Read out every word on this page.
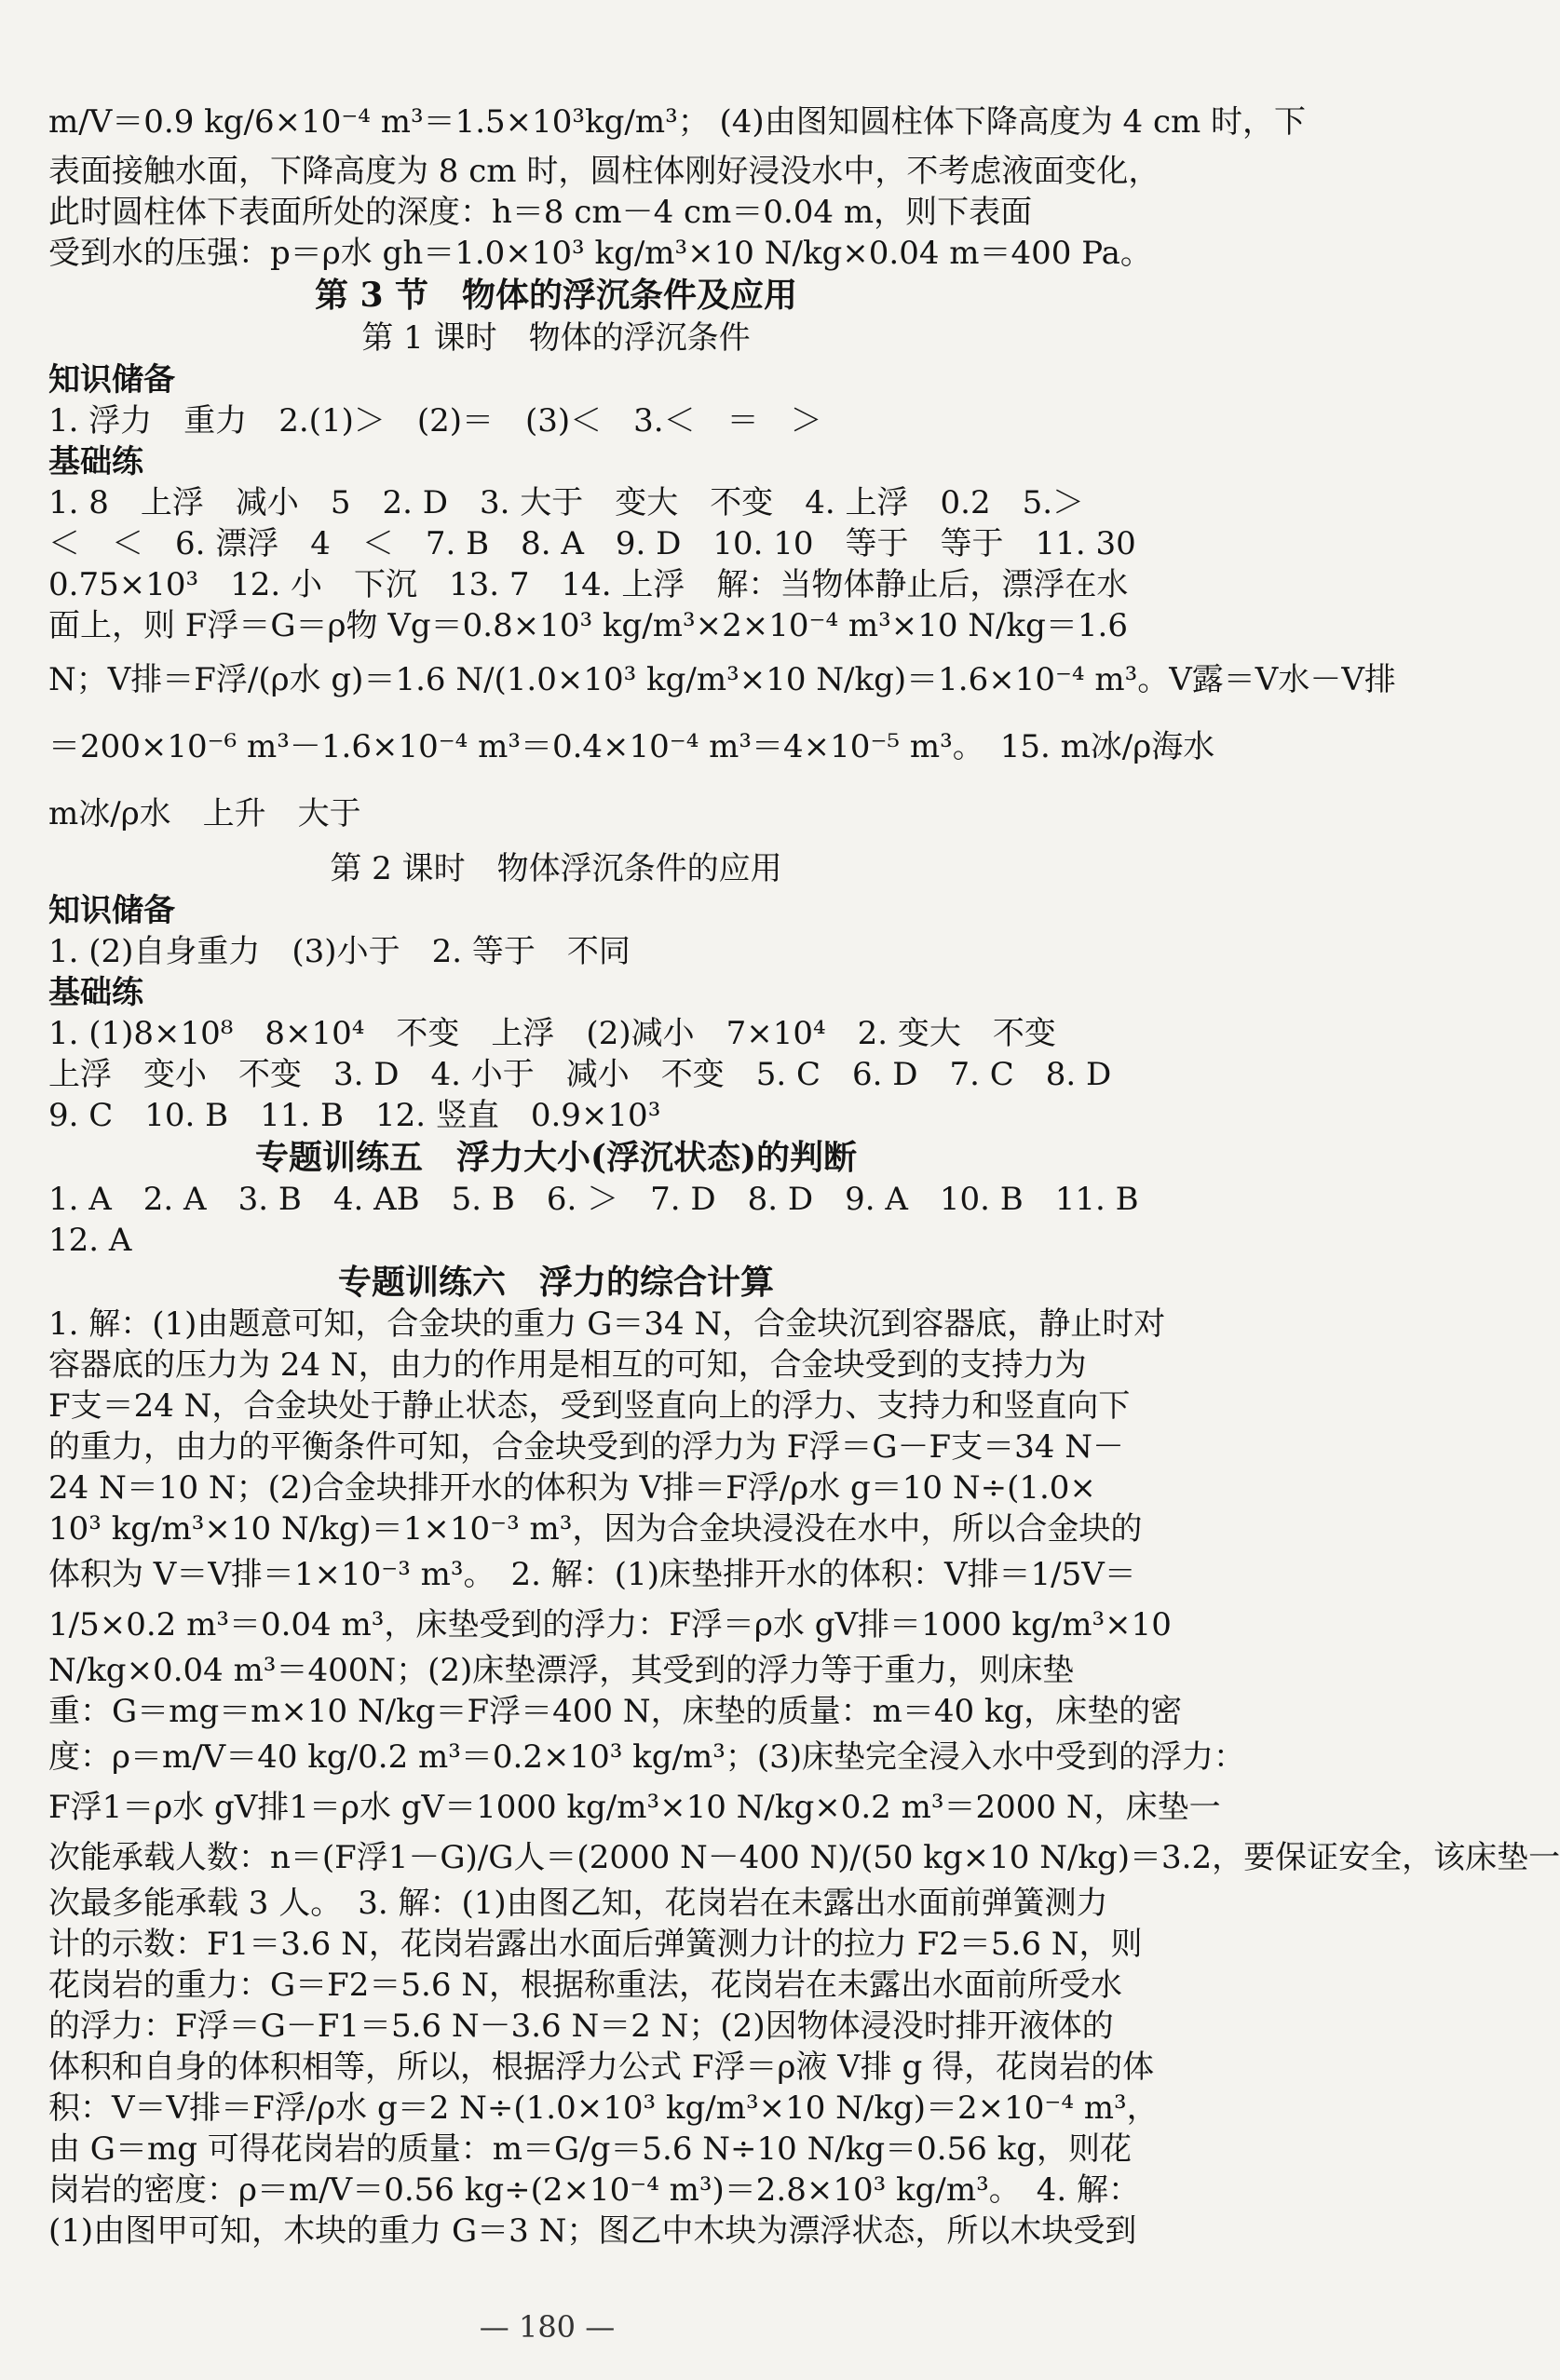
m/V＝0.9 kg/6×10⁻⁴ m³＝1.5×10³kg/m³； (4)由图知圆柱体下降高度为 4 cm 时，下

表面接触水面，下降高度为 8 cm 时，圆柱体刚好浸没水中，不考虑液面变化，

此时圆柱体下表面所处的深度：h＝8 cm－4 cm＝0.04 m，则下表面

受到水的压强：p＝ρ水 gh＝1.0×10³ kg/m³×10 N/kg×0.04 m＝400 Pa。

第 3 节　物体的浮沉条件及应用

第 1 课时　物体的浮沉条件

知识储备

1. 浮力　重力　2.(1)＞　(2)＝　(3)＜　3.＜　＝　＞

基础练

1. 8　上浮　减小　5　2. D　3. 大于　变大　不变　4. 上浮　0.2　5.＞

＜　＜　6. 漂浮　4　＜　7. B　8. A　9. D　10. 10　等于　等于　11. 30

0.75×10³　12. 小　下沉　13. 7　14. 上浮　解：当物体静止后，漂浮在水

面上，则 F浮＝G＝ρ物 Vg＝0.8×10³ kg/m³×2×10⁻⁴ m³×10 N/kg＝1.6

N；V排＝F浮/(ρ水 g)＝1.6 N/(1.0×10³ kg/m³×10 N/kg)＝1.6×10⁻⁴ m³。V露＝V水－V排

＝200×10⁻⁶ m³－1.6×10⁻⁴ m³＝0.4×10⁻⁴ m³＝4×10⁻⁵ m³。　15. m冰/ρ海水

m冰/ρ水　上升　大于

第 2 课时　物体浮沉条件的应用

知识储备

1. (2)自身重力　(3)小于　2. 等于　不同

基础练

1. (1)8×10⁸　8×10⁴　不变　上浮　(2)减小　7×10⁴　2. 变大　不变

上浮　变小　不变　3. D　4. 小于　减小　不变　5. C　6. D　7. C　8. D

9. C　10. B　11. B　12. 竖直　0.9×10³

专题训练五　浮力大小(浮沉状态)的判断

1. A　2. A　3. B　4. AB　5. B　6. ＞　7. D　8. D　9. A　10. B　11. B

12. A

专题训练六　浮力的综合计算

1. 解：(1)由题意可知，合金块的重力 G＝34 N，合金块沉到容器底，静止时对

容器底的压力为 24 N，由力的作用是相互的可知，合金块受到的支持力为

F支＝24 N，合金块处于静止状态，受到竖直向上的浮力、支持力和竖直向下

的重力，由力的平衡条件可知，合金块受到的浮力为 F浮＝G－F支＝34 N－

24 N＝10 N；(2)合金块排开水的体积为 V排＝F浮/ρ水 g＝10 N÷(1.0×

10³ kg/m³×10 N/kg)＝1×10⁻³ m³，因为合金块浸没在水中，所以合金块的

体积为 V＝V排＝1×10⁻³ m³。　2. 解：(1)床垫排开水的体积：V排＝1/5V＝

1/5×0.2 m³＝0.04 m³，床垫受到的浮力：F浮＝ρ水 gV排＝1000 kg/m³×10

N/kg×0.04 m³＝400N；(2)床垫漂浮，其受到的浮力等于重力，则床垫

重：G＝mg＝m×10 N/kg＝F浮＝400 N，床垫的质量：m＝40 kg，床垫的密

度：ρ＝m/V＝40 kg/0.2 m³＝0.2×10³ kg/m³；(3)床垫完全浸入水中受到的浮力：

F浮1＝ρ水 gV排1＝ρ水 gV＝1000 kg/m³×10 N/kg×0.2 m³＝2000 N，床垫一

次能承载人数：n＝(F浮1－G)/G人＝(2000 N－400 N)/(50 kg×10 N/kg)＝3.2，要保证安全，该床垫一

次最多能承载 3 人。　3. 解：(1)由图乙知，花岗岩在未露出水面前弹簧测力

计的示数：F1＝3.6 N，花岗岩露出水面后弹簧测力计的拉力 F2＝5.6 N，则

花岗岩的重力：G＝F2＝5.6 N，根据称重法，花岗岩在未露出水面前所受水

的浮力：F浮＝G－F1＝5.6 N－3.6 N＝2 N；(2)因物体浸没时排开液体的

体积和自身的体积相等，所以，根据浮力公式 F浮＝ρ液 V排 g 得，花岗岩的体

积：V＝V排＝F浮/ρ水 g＝2 N÷(1.0×10³ kg/m³×10 N/kg)＝2×10⁻⁴ m³，

由 G＝mg 可得花岗岩的质量：m＝G/g＝5.6 N÷10 N/kg＝0.56 kg，则花

岗岩的密度：ρ＝m/V＝0.56 kg÷(2×10⁻⁴ m³)＝2.8×10³ kg/m³。　4. 解：

(1)由图甲可知，木块的重力 G＝3 N；图乙中木块为漂浮状态，所以木块受到

— 180 —
